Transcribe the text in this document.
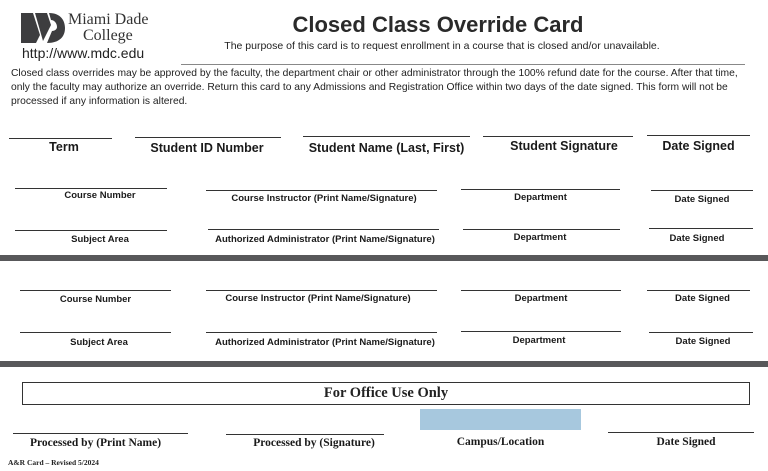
Miami Dade
College
http://www.mdc.edu
Closed Class Override Card
The purpose of this card is to request enrollment in a course that is closed and/or unavailable.
Closed class overrides may be approved by the faculty, the department chair or other administrator through the 100% refund date for the course. After that time, only the faculty may authorize an override. Return this card to any Admissions and Registration Office within two days of the date signed. This form will not be processed if any information is altered.
Term	Student ID Number	Student Name (Last, First)	Student Signature	Date Signed
Course Number	Course Instructor (Print Name/Signature)	Department	Date Signed
Subject Area	Authorized Administrator (Print Name/Signature)	Department	Date Signed
Course Number	Course Instructor (Print Name/Signature)	Department	Date Signed
Subject Area	Authorized Administrator (Print Name/Signature)	Department	Date Signed
For Office Use Only
Processed by (Print Name)	Processed by (Signature)	Campus/Location	Date Signed
A&R Card – Revised 5/2024
